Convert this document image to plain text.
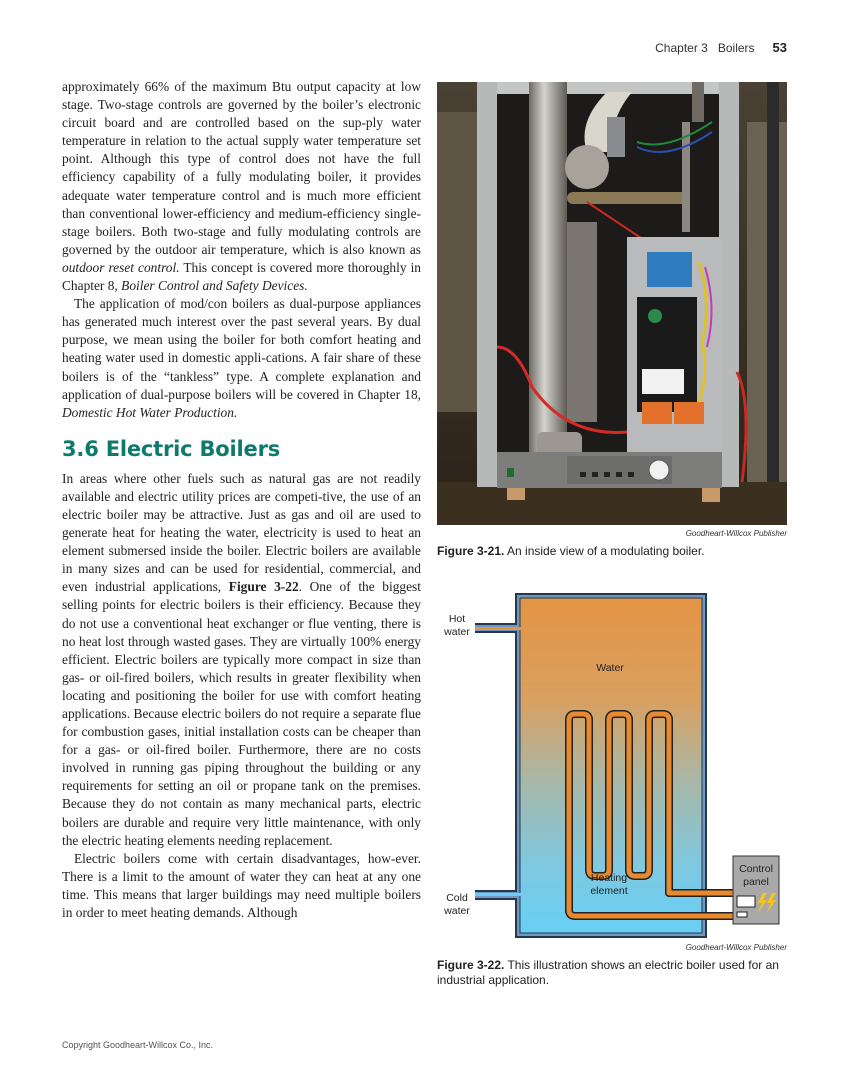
Chapter 3 Boilers 53

approximately 66% of the maximum Btu output capacity at low stage. Two-stage controls are governed by the boiler’s electronic circuit board and are controlled based on the sup-ply water temperature in relation to the actual supply water temperature set point. Although this type of control does not have the full efficiency capability of a fully modulating boiler, it provides adequate water temperature control and is much more efficient than conventional lower-efficiency and medium-efficiency single-stage boilers. Both two-stage and fully modulating controls are governed by the outdoor air temperature, which is also known as outdoor reset control. This concept is covered more thoroughly in Chapter 8, Boiler Control and Safety Devices.

The application of mod/con boilers as dual-purpose appliances has generated much interest over the past several years. By dual purpose, we mean using the boiler for both comfort heating and heating water used in domestic appli-cations. A fair share of these boilers is of the “tankless” type. A complete explanation and application of dual-purpose boilers will be covered in Chapter 18, Domestic Hot Water Production.

3.6 Electric Boilers

In areas where other fuels such as natural gas are not readily available and electric utility prices are competi-tive, the use of an electric boiler may be attractive. Just as gas and oil are used to generate heat for heating the water, electricity is used to heat an element submersed inside the boiler. Electric boilers are available in many sizes and can be used for residential, commercial, and even industrial applications, Figure 3-22. One of the biggest selling points for electric boilers is their efficiency. Because they do not use a conventional heat exchanger or flue venting, there is no heat lost through wasted gases. They are virtually 100% energy efficient. Electric boilers are typically more compact in size than gas- or oil-fired boilers, which results in greater flexibility when locating and positioning the boiler for use with comfort heating applications. Because electric boilers do not require a separate flue for combustion gases, initial installation costs can be cheaper than for a gas- or oil-fired boiler. Furthermore, there are no costs involved in running gas piping throughout the building or any requirements for setting an oil or propane tank on the premises. Because they do not contain as many mechanical parts, electric boilers are durable and require very little maintenance, with only the electric heating elements needing replacement.

Electric boilers come with certain disadvantages, how-ever. There is a limit to the amount of water they can heat at any one time. This means that larger buildings may need multiple boilers in order to meet heating demands. Although

Goodheart-Willcox Publisher
Figure 3-21. An inside view of a modulating boiler.
Hot
water
Water
Heating
element
Control
panel
Cold
water
Goodheart-Willcox Publisher
Figure 3-22. This illustration shows an electric boiler used for an industrial application.
Copyright Goodheart-Willcox Co., Inc.
